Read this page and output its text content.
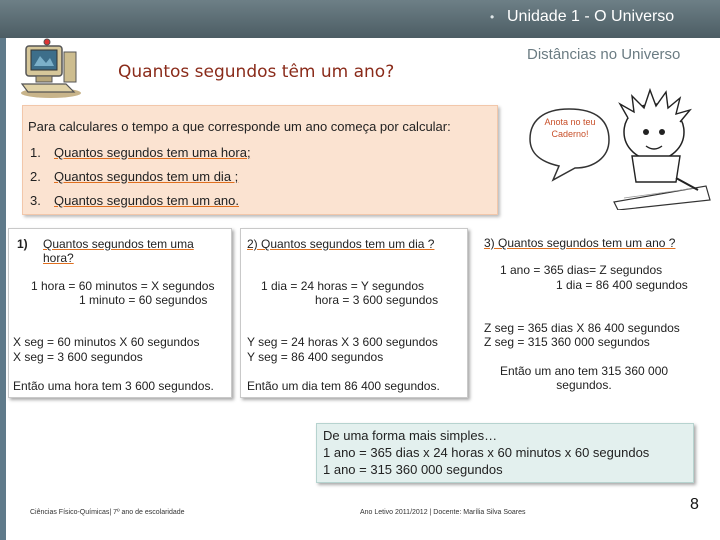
• Unidade 1 - O Universo
Distâncias no Universo
Quantos segundos têm um ano?
Para calculares o tempo a que corresponde um ano começa por calcular:
1. Quantos segundos tem uma hora;
2. Quantos segundos tem um dia ;
3. Quantos segundos tem um ano.
Anota no teu Caderno!
1) Quantos segundos tem uma hora?
1 hora = 60 minutos = X segundos
1 minuto = 60 segundos
X seg = 60 minutos X 60 segundos
X seg = 3 600 segundos
Então uma hora tem 3 600 segundos.
2) Quantos segundos tem um dia ?
1 dia = 24 horas = Y segundos
hora = 3 600 segundos
Y seg = 24 horas X 3 600 segundos
Y seg = 86 400 segundos
Então um dia tem 86 400 segundos.
3) Quantos segundos tem um ano ?
1 ano = 365 dias= Z segundos
1 dia = 86 400 segundos
Z seg = 365 dias X 86 400 segundos
Z seg = 315 360 000 segundos
Então um ano tem 315 360 000 segundos.
De uma forma mais simples…
1 ano = 365 dias x 24 horas x 60 minutos x 60 segundos
1 ano = 315 360 000 segundos
Ciências Físico-Químicas| 7º ano de escolaridade	Ano Letivo 2011/2012 | Docente: Marília Silva Soares	8
